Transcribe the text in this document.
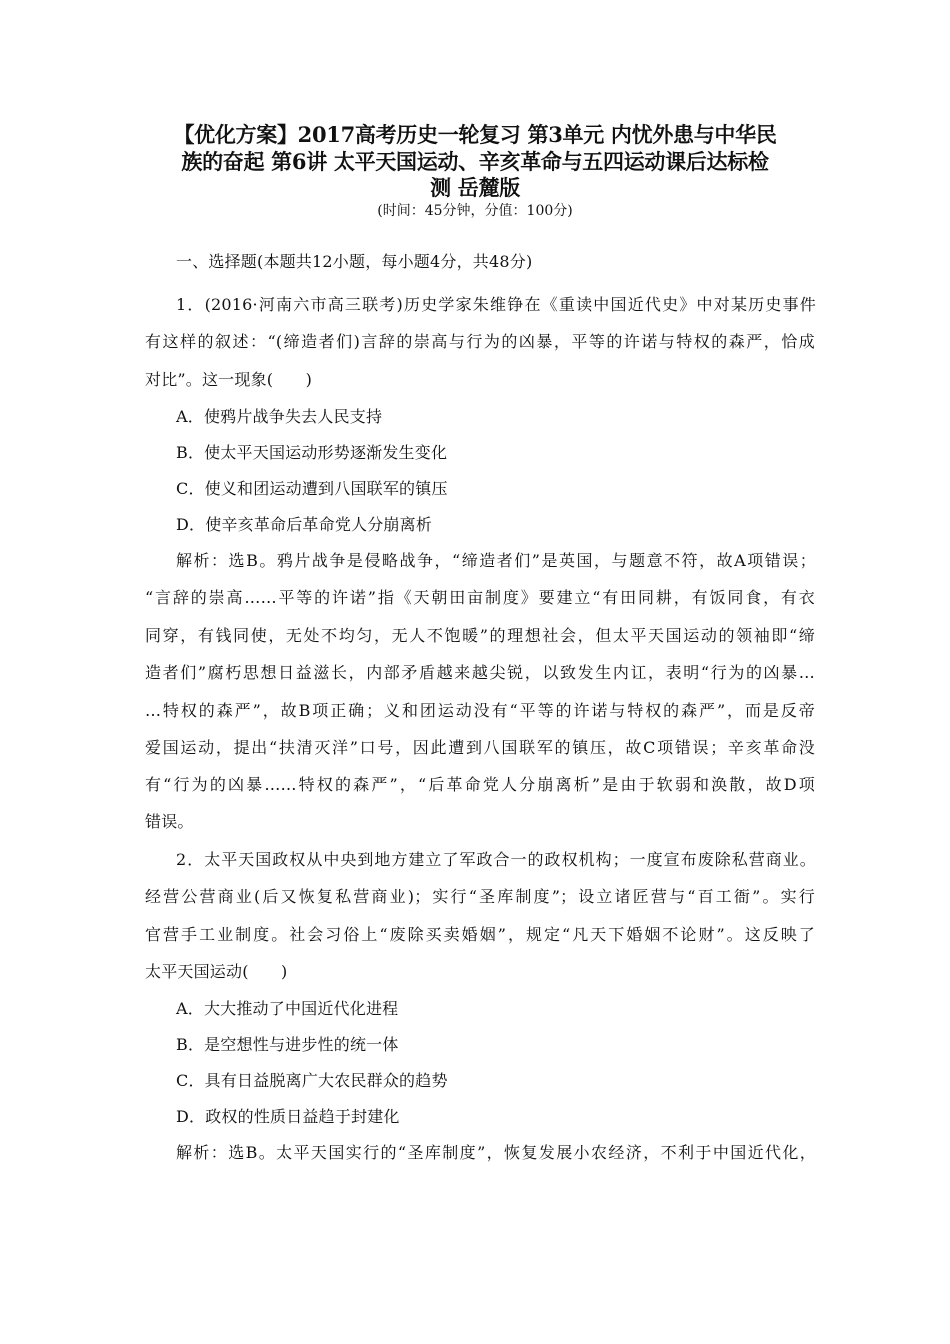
【优化方案】2017高考历史一轮复习 第3单元 内忧外患与中华民
族的奋起 第6讲 太平天国运动、辛亥革命与五四运动课后达标检
测 岳麓版
(时间：45分钟，分值：100分)
一、选择题(本题共12小题，每小题4分，共48分)
1．(2016·河南六市高三联考)历史学家朱维铮在《重读中国近代史》中对某历史事件
有这样的叙述：“(缔造者们)言辞的崇高与行为的凶暴，平等的许诺与特权的森严，恰成
对比”。这一现象(　　)
A．使鸦片战争失去人民支持
B．使太平天国运动形势逐渐发生变化
C．使义和团运动遭到八国联军的镇压
D．使辛亥革命后革命党人分崩离析
解析：选B。鸦片战争是侵略战争，“缔造者们”是英国，与题意不符，故A项错误；
“言辞的崇高……平等的许诺”指《天朝田亩制度》要建立“有田同耕，有饭同食，有衣
同穿，有钱同使，无处不均匀，无人不饱暖”的理想社会，但太平天国运动的领袖即“缔
造者们”腐朽思想日益滋长，内部矛盾越来越尖锐，以致发生内讧，表明“行为的凶暴…
…特权的森严”，故B项正确；义和团运动没有“平等的许诺与特权的森严”，而是反帝
爱国运动，提出“扶清灭洋”口号，因此遭到八国联军的镇压，故C项错误；辛亥革命没
有“行为的凶暴……特权的森严”，“后革命党人分崩离析”是由于软弱和涣散，故D项
错误。
2．太平天国政权从中央到地方建立了军政合一的政权机构；一度宣布废除私营商业。
经营公营商业(后又恢复私营商业)；实行“圣库制度”；设立诸匠营与“百工衙”。实行
官营手工业制度。社会习俗上“废除买卖婚姻”，规定“凡天下婚姻不论财”。这反映了
太平天国运动(　　)
A．大大推动了中国近代化进程
B．是空想性与进步性的统一体
C．具有日益脱离广大农民群众的趋势
D．政权的性质日益趋于封建化
解析：选B。太平天国实行的“圣库制度”，恢复发展小农经济，不利于中国近代化，
